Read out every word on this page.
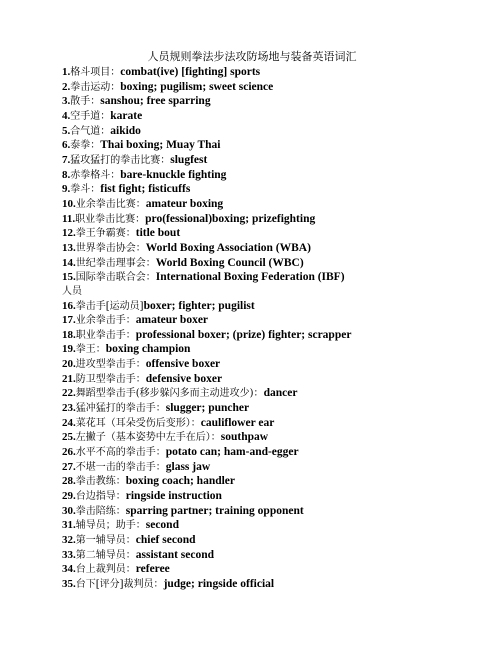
人员规则拳法步法攻防场地与装备英语词汇
1.格斗项目：combat(ive) [fighting] sports
2.拳击运动：boxing; pugilism; sweet science
3.散手：sanshou; free sparring
4.空手道：karate
5.合气道：aikido
6.泰拳：Thai boxing; Muay Thai
7.猛攻猛打的拳击比赛：slugfest
8.赤拳格斗：bare-knuckle fighting
9.拳斗：fist fight; fisticuffs
10.业余拳击比赛：amateur boxing
11.职业拳击比赛：pro(fessional)boxing; prizefighting
12.拳王争霸赛：title bout
13.世界拳击协会：World Boxing Association (WBA)
14.世纪拳击理事会：World Boxing Council (WBC)
15.国际拳击联合会：International Boxing Federation (IBF)
人员
16.拳击手[运动员]boxer; fighter; pugilist
17.业余拳击手：amateur boxer
18.职业拳击手：professional boxer; (prize) fighter; scrapper
19.拳王：boxing champion
20.进攻型拳击手：offensive boxer
21.防卫型拳击手：defensive boxer
22.舞蹈型拳击手(移步躲闪多而主动进攻少)：dancer
23.猛冲猛打的拳击手：slugger; puncher
24.菜花耳（耳朵受伤后变形）：cauliflower ear
25.左撇子（基本姿势中左手在后）：southpaw
26.水平不高的拳击手：potato can; ham-and-egger
27.不堪一击的拳击手：glass jaw
28.拳击教练：boxing coach; handler
29.台边指导：ringside instruction
30.拳击陪练：sparring partner; training opponent
31.辅导员；助手：second
32.第一辅导员：chief second
33.第二辅导员：assistant second
34.台上裁判员：referee
35.台下[评分]裁判员：judge; ringside official
